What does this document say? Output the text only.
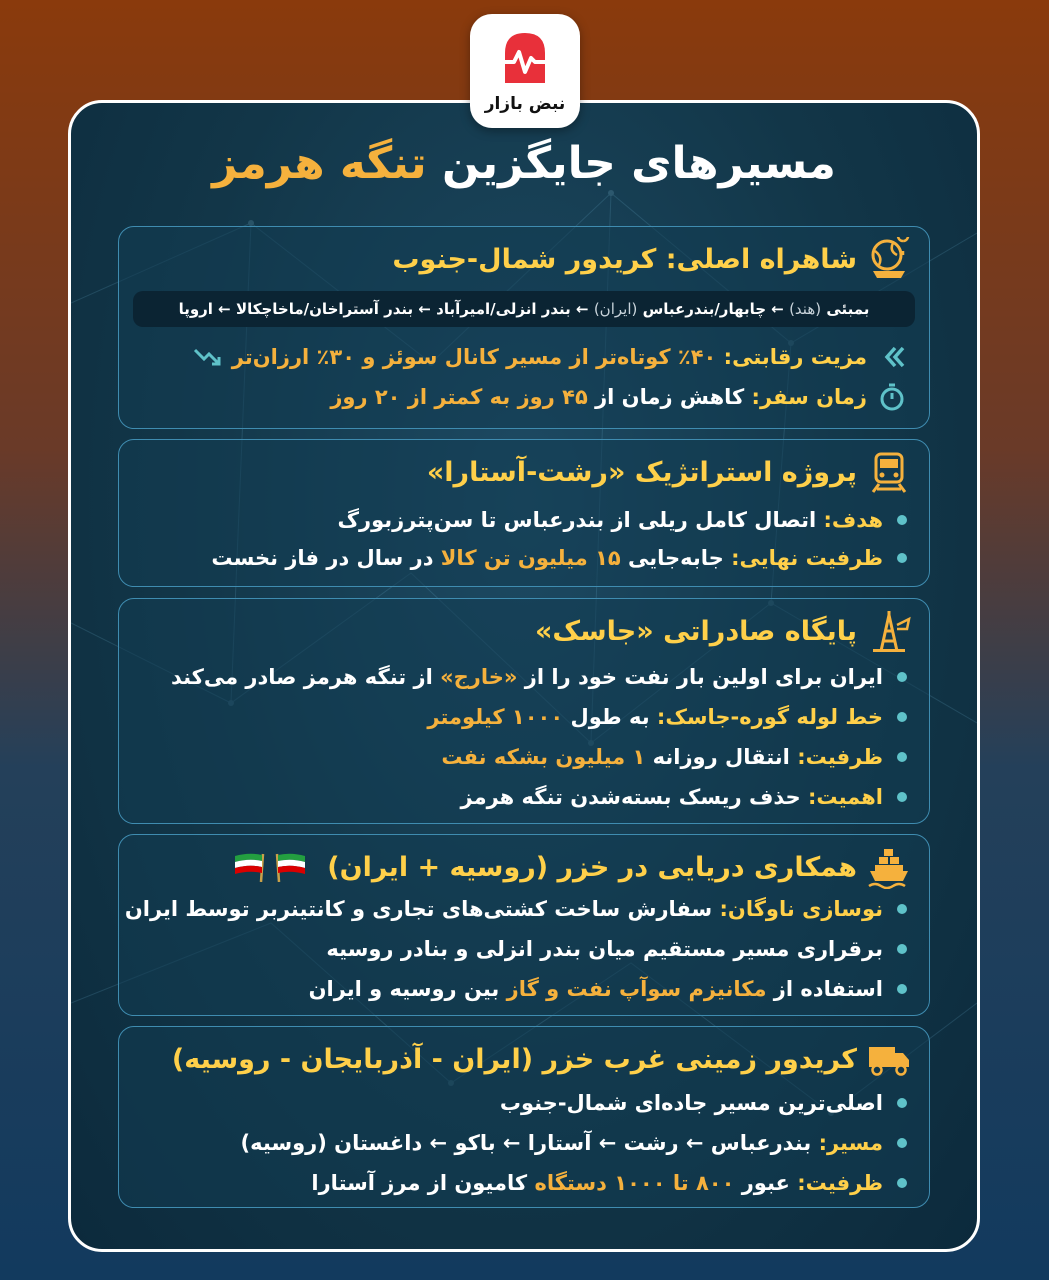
نبض بازار
مسیرهای جایگزین تنگه هرمز
شاهراه اصلی: کریدور شمال-جنوب
بمبئی

(هند)
←
چابهار/بندرعباس

(ایران)
←
بندر انزلی/امیرآباد
←
بندر آستراخان/ماخاچکالا
←
اروپا
مزیت رقابتی: ۴۰٪ کوتاه‌تر از مسیر کانال سوئز و ۳۰٪ ارزان‌تر
زمان سفر: کاهش زمان از ۴۵ روز به کمتر از ۲۰ روز
پروژه استراتژیک «رشت-آستارا»
هدف: اتصال کامل ریلی از بندرعباس تا سن‌پترزبورگ
ظرفیت نهایی: جابه‌جایی ۱۵ میلیون تن کالا در سال در فاز نخست
پایگاه صادراتی «جاسک»
ایران برای اولین بار نفت خود را از «خارج» از تنگه هرمز صادر می‌کند
خط لوله گوره-جاسک: به طول ۱۰۰۰ کیلومتر
ظرفیت: انتقال روزانه ۱ میلیون بشکه نفت
اهمیت: حذف ریسک بسته‌شدن تنگه هرمز
همکاری دریایی در خزر (روسیه + ایران)
نوسازی ناوگان: سفارش ساخت کشتی‌های تجاری و کانتینربر توسط ایران
برقراری مسیر مستقیم میان بندر انزلی و بنادر روسیه
استفاده از مکانیزم سوآپ نفت و گاز بین روسیه و ایران
کریدور زمینی غرب خزر (ایران - آذربایجان - روسیه)
اصلی‌ترین مسیر جاده‌ای شمال-جنوب
مسیر: بندرعباس ← رشت ← آستارا ← باکو ← داغستان (روسیه)
ظرفیت: عبور ۸۰۰ تا ۱۰۰۰ دستگاه کامیون از مرز آستارا
